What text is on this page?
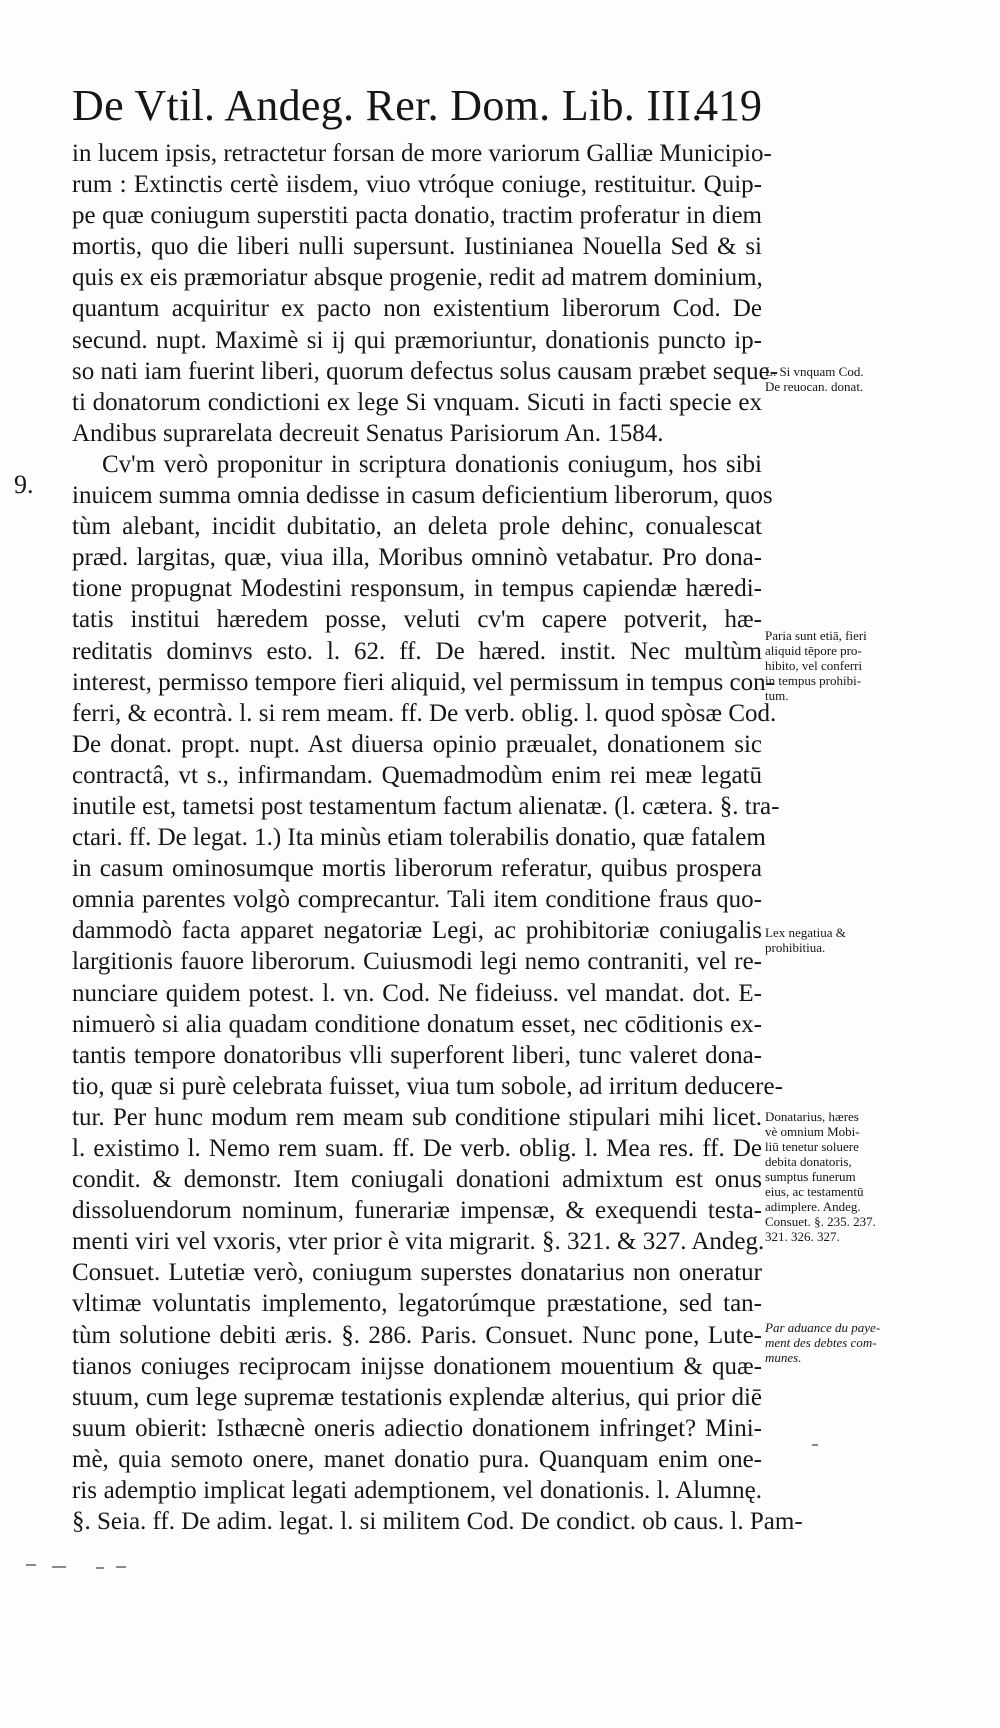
De Vtil. Andeg. Rer. Dom. Lib. III.
419
9.
in lucem ipsis, retractetur forsan de more variorum Galliæ Municipio-
rum : Extinctis certè iisdem, viuo vtróque coniuge, restituitur. Quip-
pe quæ coniugum superstiti pacta donatio, tractim proferatur in diem
mortis, quo die liberi nulli supersunt. Iustinianea Nouella Sed & si
quis ex eis præmoriatur absque progenie, redit ad matrem dominium,
quantum acquiritur ex pacto non existentium liberorum Cod. De
secund. nupt. Maximè si ij qui præmoriuntur, donationis puncto ip-
so nati iam fuerint liberi, quorum defectus solus causam præbet seque-
ti donatorum condictioni ex lege Si vnquam. Sicuti in facti specie ex
Andibus suprarelata decreuit Senatus Parisiorum An. 1584.
Cv'm verò proponitur in scriptura donationis coniugum, hos sibi
inuicem summa omnia dedisse in casum deficientium liberorum, quos
tùm alebant, incidit dubitatio, an deleta prole dehinc, conualescat
præd. largitas, quæ, viua illa, Moribus omninò vetabatur. Pro dona-
tione propugnat Modestini responsum, in tempus capiendæ hæredi-
tatis institui hæredem posse, veluti cv'm capere potverit, hæ-
reditatis dominvs esto. l. 62. ff. De hæred. instit. Nec multùm
interest, permisso tempore fieri aliquid, vel permissum in tempus con-
ferri, & econtrà. l. si rem meam. ff. De verb. oblig. l. quod spòsæ Cod.
De donat. propt. nupt. Ast diuersa opinio præualet, donationem sic
contractâ, vt s., infirmandam. Quemadmodùm enim rei meæ legatū
inutile est, tametsi post testamentum factum alienatæ. (l. cætera. §. tra-
ctari. ff. De legat. 1.) Ita minùs etiam tolerabilis donatio, quæ fatalem
in casum ominosumque mortis liberorum referatur, quibus prospera
omnia parentes volgò comprecantur. Tali item conditione fraus quo-
dammodò facta apparet negatoriæ Legi, ac prohibitoriæ coniugalis
largitionis fauore liberorum. Cuiusmodi legi nemo contraniti, vel re-
nunciare quidem potest. l. vn. Cod. Ne fideiuss. vel mandat. dot. E-
nimuerò si alia quadam conditione donatum esset, nec cōditionis ex-
tantis tempore donatoribus vlli superforent liberi, tunc valeret dona-
tio, quæ si purè celebrata fuisset, viua tum sobole, ad irritum deducere-
tur. Per hunc modum rem meam sub conditione stipulari mihi licet.
l. existimo l. Nemo rem suam. ff. De verb. oblig. l. Mea res. ff. De
condit. & demonstr. Item coniugali donationi admixtum est onus
dissoluendorum nominum, funerariæ impensæ, & exequendi testa-
menti viri vel vxoris, vter prior è vita migrarit. §. 321. & 327. Andeg.
Consuet. Lutetiæ verò, coniugum superstes donatarius non oneratur
vltimæ voluntatis implemento, legatorúmque præstatione, sed tan-
tùm solutione debiti æris. §. 286. Paris. Consuet. Nunc pone, Lute-
tianos coniuges reciprocam inijsse donationem mouentium & quæ-
stuum, cum lege supremæ testationis explendæ alterius, qui prior diē
suum obierit: Isthæcnè oneris adiectio donationem infringet? Mini-
mè, quia semoto onere, manet donatio pura. Quanquam enim one-
ris ademptio implicat legati ademptionem, vel donationis. l. Alumnę.
§. Seia. ff. De adim. legat. l. si militem Cod. De condict. ob caus. l. Pam-
L. Si vnquam Cod.
De reuocan. donat.
Paria sunt etiā, fieri
aliquid tēpore pro-
hibito, vel conferri
in tempus prohibi-
tum.
Lex negatiua &
prohibitiua.
Donatarius, hæres
vè omnium Mobi-
liū tenetur soluere
debita donatoris,
sumptus funerum
eius, ac testamentū
adimplere. Andeg.
Consuet. §. 235. 237.
321. 326. 327.
Par aduance du paye-
ment des debtes com-
munes.
